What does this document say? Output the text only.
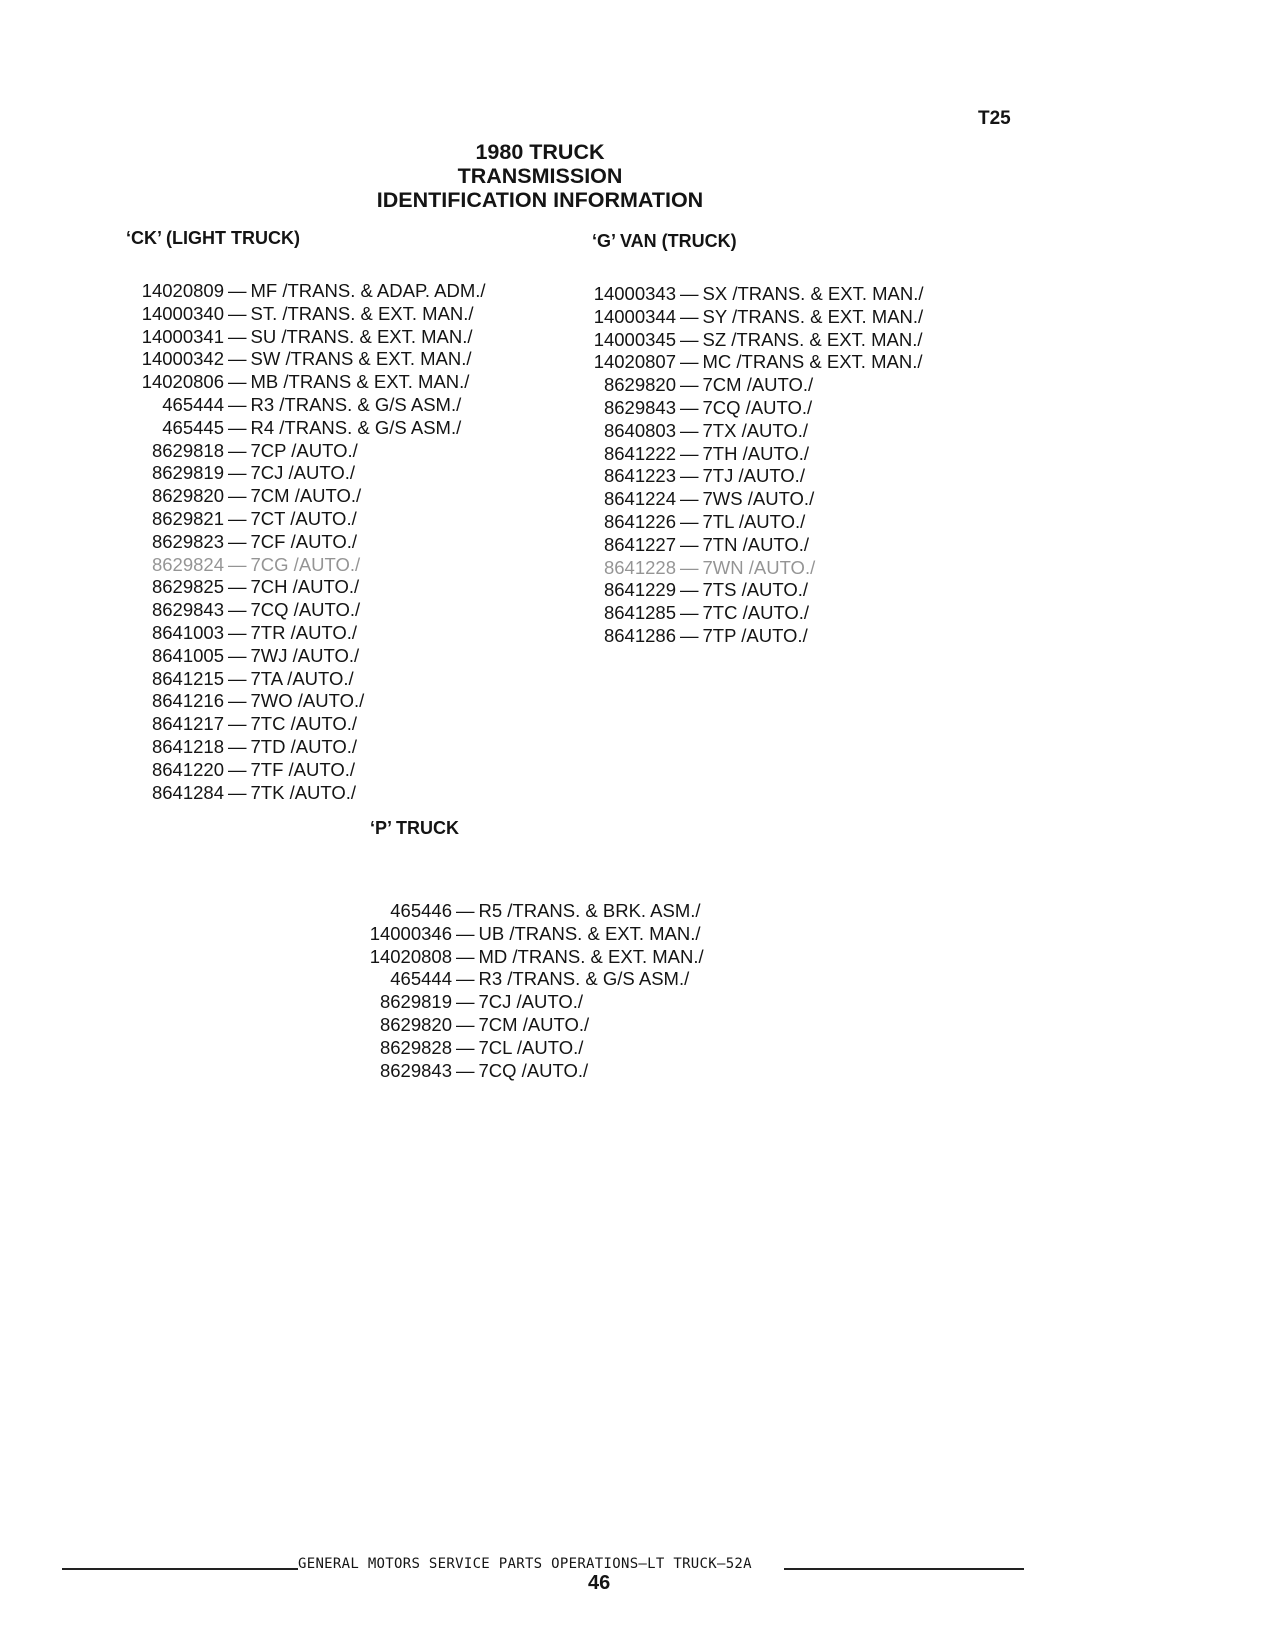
T25
1980 TRUCK
TRANSMISSION
IDENTIFICATION INFORMATION
‘CK’ (LIGHT TRUCK)	‘G’ VAN (TRUCK)
‘P’ TRUCK
14020809 — MF /TRANS. & ADAP. ADM./
14000340 — ST. /TRANS. & EXT. MAN./
14000341 — SU /TRANS. & EXT. MAN./
14000342 — SW /TRANS & EXT. MAN./
14020806 — MB /TRANS & EXT. MAN./
465444 — R3 /TRANS. & G/S ASM./
465445 — R4 /TRANS. & G/S ASM./
8629818 — 7CP /AUTO./
8629819 — 7CJ /AUTO./
8629820 — 7CM /AUTO./
8629821 — 7CT /AUTO./
8629823 — 7CF /AUTO./
8629824 — 7CG /AUTO./
8629825 — 7CH /AUTO./
8629843 — 7CQ /AUTO./
8641003 — 7TR /AUTO./
8641005 — 7WJ /AUTO./
8641215 — 7TA /AUTO./
8641216 — 7WO /AUTO./
8641217 — 7TC /AUTO./
8641218 — 7TD /AUTO./
8641220 — 7TF /AUTO./
8641284 — 7TK /AUTO./
14000343 — SX /TRANS. & EXT. MAN./
14000344 — SY /TRANS. & EXT. MAN./
14000345 — SZ /TRANS. & EXT. MAN./
14020807 — MC /TRANS & EXT. MAN./
8629820 — 7CM /AUTO./
8629843 — 7CQ /AUTO./
8640803 — 7TX /AUTO./
8641222 — 7TH /AUTO./
8641223 — 7TJ /AUTO./
8641224 — 7WS /AUTO./
8641226 — 7TL /AUTO./
8641227 — 7TN /AUTO./
8641228 — 7WN /AUTO./
8641229 — 7TS /AUTO./
8641285 — 7TC /AUTO./
8641286 — 7TP /AUTO./
465446 — R5 /TRANS. & BRK. ASM./
14000346 — UB /TRANS. & EXT. MAN./
14020808 — MD /TRANS. & EXT. MAN./
465444 — R3 /TRANS. & G/S ASM./
8629819 — 7CJ /AUTO./
8629820 — 7CM /AUTO./
8629828 — 7CL /AUTO./
8629843 — 7CQ /AUTO./
GENERAL MOTORS SERVICE PARTS OPERATIONS—LT TRUCK—52A
46
